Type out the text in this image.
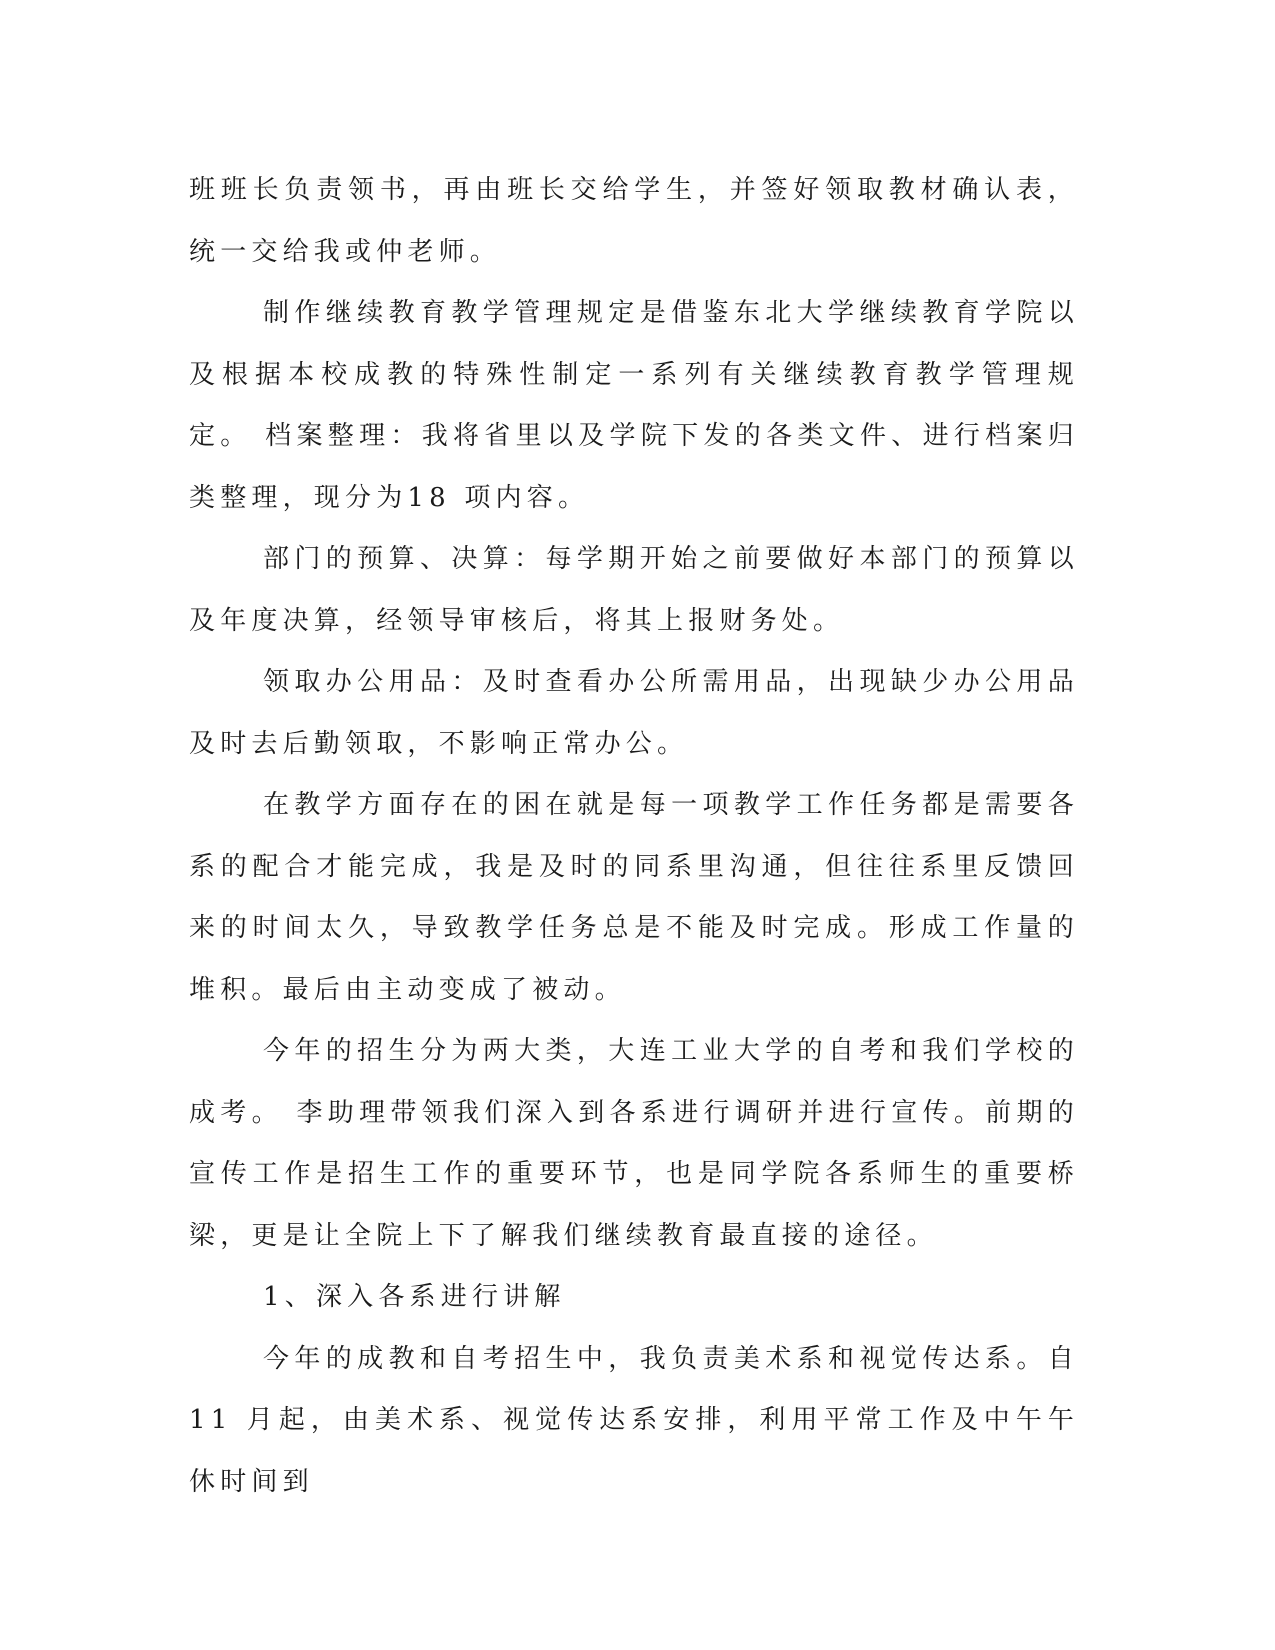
班班长负责领书，再由班长交给学生，并签好领取教材确认表，统一交给我或仲老师。

制作继续教育教学管理规定是借鉴东北大学继续教育学院以及根据本校成教的特殊性制定一系列有关继续教育教学管理规定。 档案整理：我将省里以及学院下发的各类文件、进行档案归类整理，现分为18 项内容。

部门的预算、决算：每学期开始之前要做好本部门的预算以及年度决算，经领导审核后，将其上报财务处。

领取办公用品：及时查看办公所需用品，出现缺少办公用品及时去后勤领取，不影响正常办公。

在教学方面存在的困在就是每一项教学工作任务都是需要各系的配合才能完成，我是及时的同系里沟通，但往往系里反馈回来的时间太久，导致教学任务总是不能及时完成。形成工作量的堆积。最后由主动变成了被动。

今年的招生分为两大类，大连工业大学的自考和我们学校的成考。 李助理带领我们深入到各系进行调研并进行宣传。前期的宣传工作是招生工作的重要环节，也是同学院各系师生的重要桥梁，更是让全院上下了解我们继续教育最直接的途径。

1、深入各系进行讲解

今年的成教和自考招生中，我负责美术系和视觉传达系。自 11 月起，由美术系、视觉传达系安排，利用平常工作及中午午休时间到
